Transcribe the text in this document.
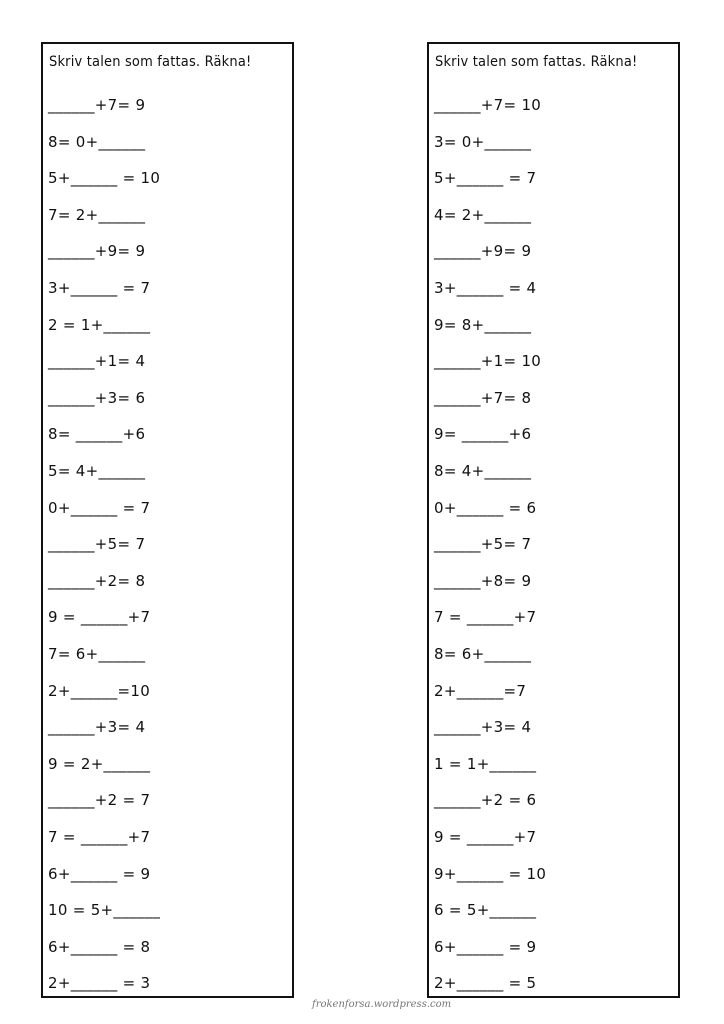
Skriv talen som fattas. Räkna!
______+7= 9
8= 0+______
5+______ = 10
7= 2+______
______+9= 9
3+______ = 7
2 = 1+______
______+1= 4
______+3= 6
8= ______+6
5= 4+______
0+______ = 7
______+5= 7
______+2= 8
9 = ______+7
7= 6+______
2+______=10
______+3= 4
9 = 2+______
______+2 = 7
7 = ______+7
6+______ = 9
10 = 5+______
6+______ = 8
2+______ = 3
Skriv talen som fattas. Räkna!
______+7= 10
3= 0+______
5+______ = 7
4= 2+______
______+9= 9
3+______ = 4
9= 8+______
______+1= 10
______+7= 8
9= ______+6
8= 4+______
0+______ = 6
______+5= 7
______+8= 9
7 = ______+7
8= 6+______
2+______=7
______+3= 4
1 = 1+______
______+2 = 6
9 = ______+7
9+______ = 10
6 = 5+______
6+______ = 9
2+______ = 5
frokenforsa.wordpress.com
